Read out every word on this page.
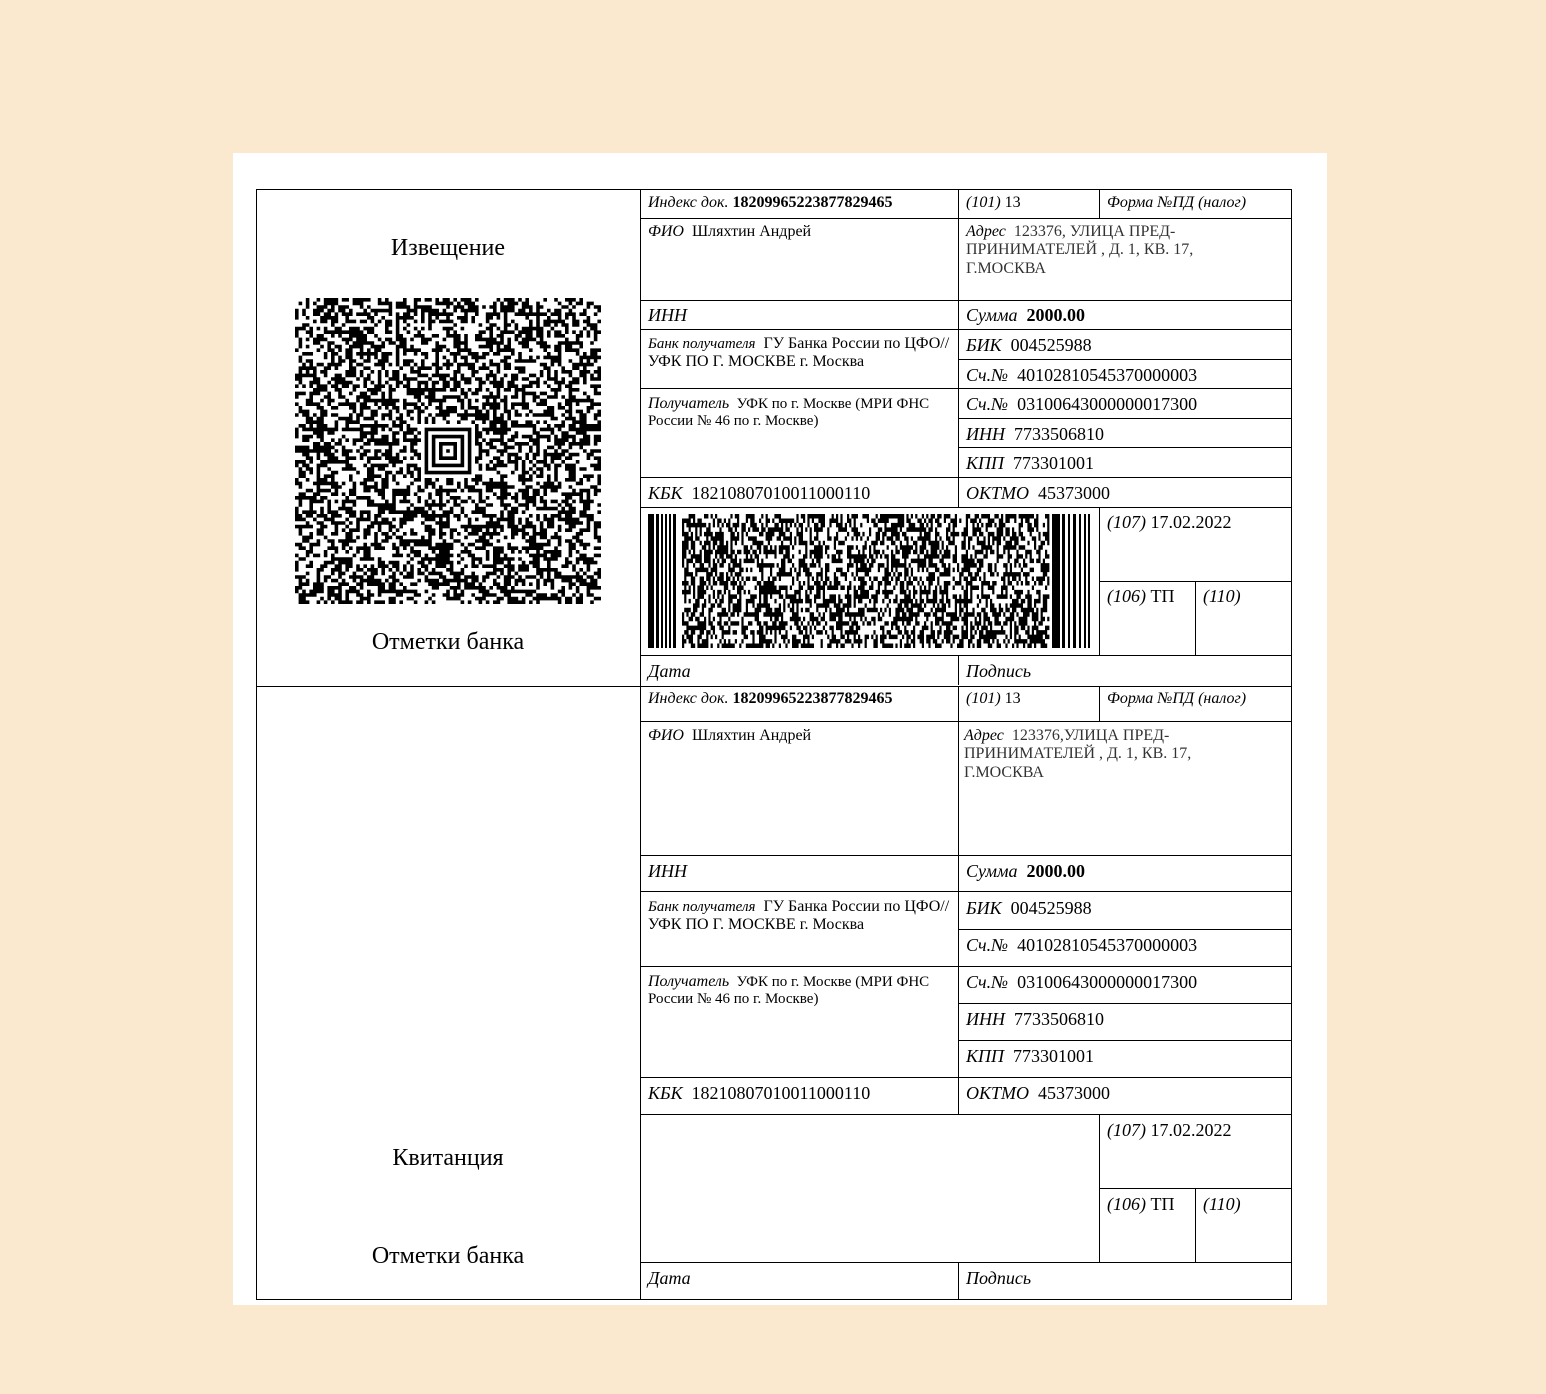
Извещение
Отметки банка
Индекс док. 18209965223877829465	(101) 13	Форма №ПД (налог)
ФИО Шляхтин Андрей	Адрес 123376, УЛИЦА ПРЕД-ПРИНИМАТЕЛЕЙ , Д. 1, КВ. 17, Г.МОСКВА
ИНН	Сумма 2000.00
Банк получателя ГУ Банка России по ЦФО//УФК ПО Г. МОСКВЕ г. Москва
БИК 004525988
Сч.№ 40102810545370000003
Получатель УФК по г. Москве (МРИ ФНС России № 46 по г. Москве)
Сч.№ 03100643000000017300
ИНН 7733506810
КПП 773301001
КБК 18210807010011000110	ОКТМО 45373000
(107) 17.02.2022
(106) ТП (110)
Дата	Подпись
Квитанция
Отметки банка
Индекс док. 18209965223877829465	(101) 13	Форма №ПД (налог)
ФИО Шляхтин Андрей	Адрес 123376,УЛИЦА ПРЕД-ПРИНИМАТЕЛЕЙ , Д. 1, КВ. 17, Г.МОСКВА
ИНН	Сумма 2000.00
Банк получателя ГУ Банка России по ЦФО//УФК ПО Г. МОСКВЕ г. Москва
БИК 004525988
Сч.№ 40102810545370000003
Получатель УФК по г. Москве (МРИ ФНС России № 46 по г. Москве)
Сч.№ 03100643000000017300
ИНН 7733506810
КПП 773301001
КБК 18210807010011000110	ОКТМО 45373000
(107) 17.02.2022
(106) ТП (110)
Дата	Подпись
